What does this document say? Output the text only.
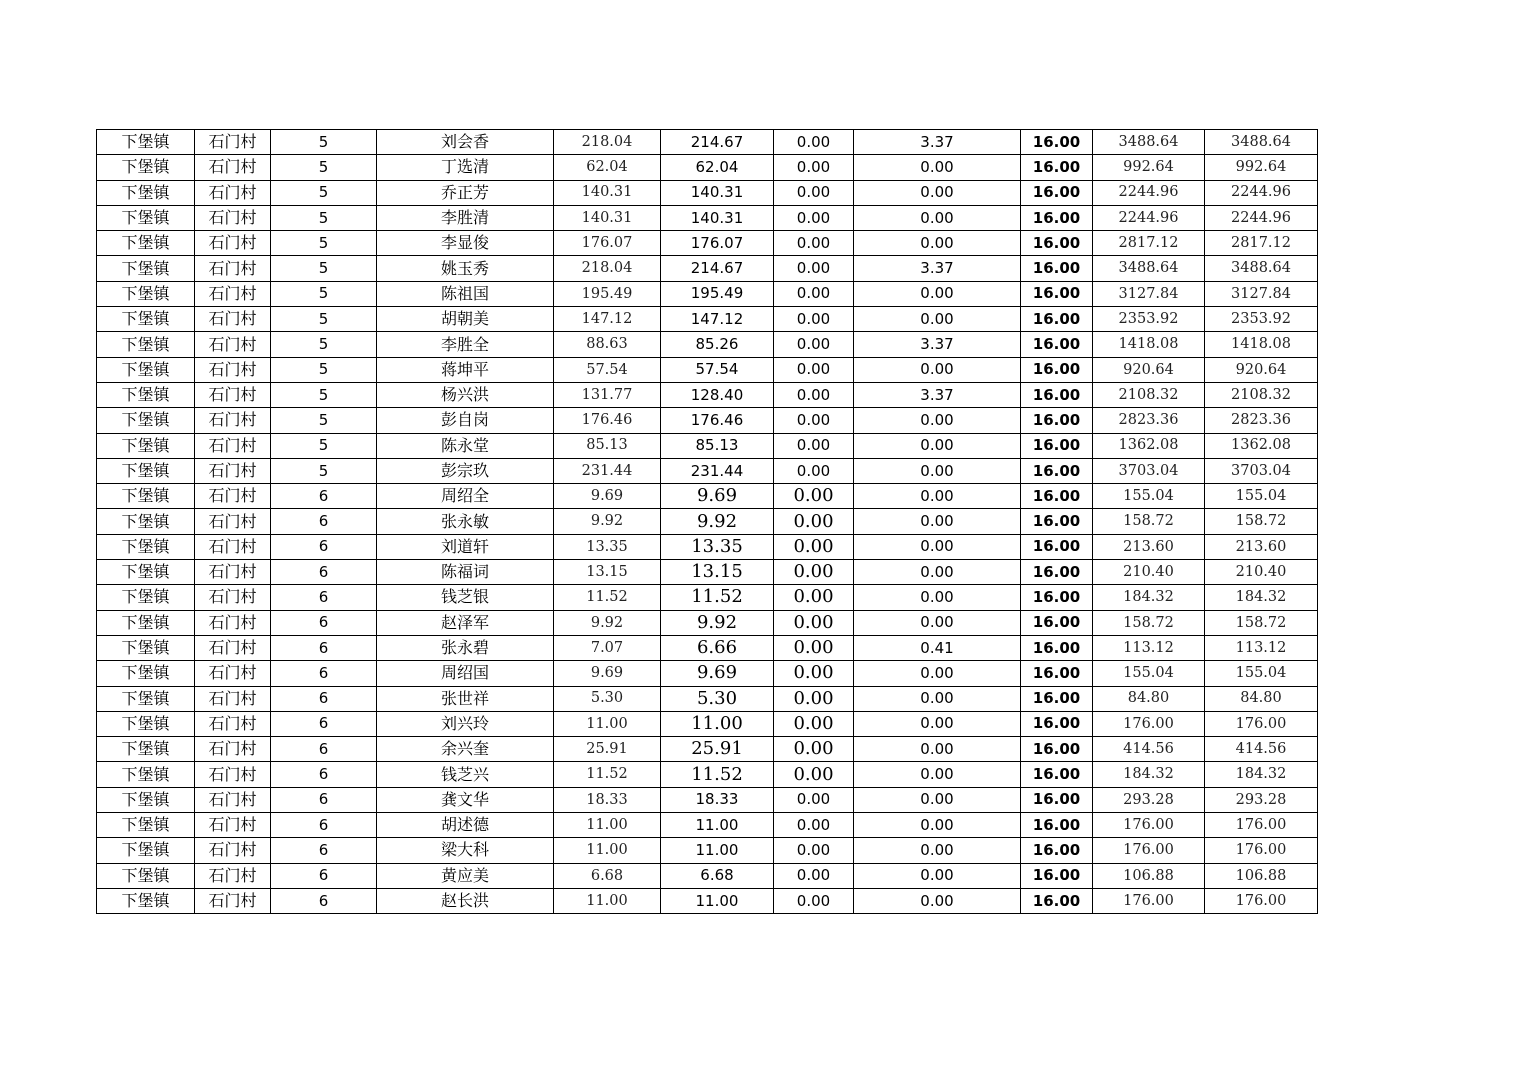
下堡镇	石门村	5	刘会香	218.04	214.67	0.00	3.37	16.00	3488.64	3488.64
下堡镇	石门村	5	丁选清	62.04	62.04	0.00	0.00	16.00	992.64	992.64
下堡镇	石门村	5	乔正芳	140.31	140.31	0.00	0.00	16.00	2244.96	2244.96
下堡镇	石门村	5	李胜清	140.31	140.31	0.00	0.00	16.00	2244.96	2244.96
下堡镇	石门村	5	李显俊	176.07	176.07	0.00	0.00	16.00	2817.12	2817.12
下堡镇	石门村	5	姚玉秀	218.04	214.67	0.00	3.37	16.00	3488.64	3488.64
下堡镇	石门村	5	陈祖国	195.49	195.49	0.00	0.00	16.00	3127.84	3127.84
下堡镇	石门村	5	胡朝美	147.12	147.12	0.00	0.00	16.00	2353.92	2353.92
下堡镇	石门村	5	李胜全	88.63	85.26	0.00	3.37	16.00	1418.08	1418.08
下堡镇	石门村	5	蒋坤平	57.54	57.54	0.00	0.00	16.00	920.64	920.64
下堡镇	石门村	5	杨兴洪	131.77	128.40	0.00	3.37	16.00	2108.32	2108.32
下堡镇	石门村	5	彭自岗	176.46	176.46	0.00	0.00	16.00	2823.36	2823.36
下堡镇	石门村	5	陈永堂	85.13	85.13	0.00	0.00	16.00	1362.08	1362.08
下堡镇	石门村	5	彭宗玖	231.44	231.44	0.00	0.00	16.00	3703.04	3703.04
下堡镇	石门村	6	周绍全	9.69	9.69	0.00	0.00	16.00	155.04	155.04
下堡镇	石门村	6	张永敏	9.92	9.92	0.00	0.00	16.00	158.72	158.72
下堡镇	石门村	6	刘道轩	13.35	13.35	0.00	0.00	16.00	213.60	213.60
下堡镇	石门村	6	陈福词	13.15	13.15	0.00	0.00	16.00	210.40	210.40
下堡镇	石门村	6	钱芝银	11.52	11.52	0.00	0.00	16.00	184.32	184.32
下堡镇	石门村	6	赵泽军	9.92	9.92	0.00	0.00	16.00	158.72	158.72
下堡镇	石门村	6	张永碧	7.07	6.66	0.00	0.41	16.00	113.12	113.12
下堡镇	石门村	6	周绍国	9.69	9.69	0.00	0.00	16.00	155.04	155.04
下堡镇	石门村	6	张世祥	5.30	5.30	0.00	0.00	16.00	84.80	84.80
下堡镇	石门村	6	刘兴玲	11.00	11.00	0.00	0.00	16.00	176.00	176.00
下堡镇	石门村	6	余兴奎	25.91	25.91	0.00	0.00	16.00	414.56	414.56
下堡镇	石门村	6	钱芝兴	11.52	11.52	0.00	0.00	16.00	184.32	184.32
下堡镇	石门村	6	龚文华	18.33	18.33	0.00	0.00	16.00	293.28	293.28
下堡镇	石门村	6	胡述德	11.00	11.00	0.00	0.00	16.00	176.00	176.00
下堡镇	石门村	6	梁大科	11.00	11.00	0.00	0.00	16.00	176.00	176.00
下堡镇	石门村	6	黄应美	6.68	6.68	0.00	0.00	16.00	106.88	106.88
下堡镇	石门村	6	赵长洪	11.00	11.00	0.00	0.00	16.00	176.00	176.00
